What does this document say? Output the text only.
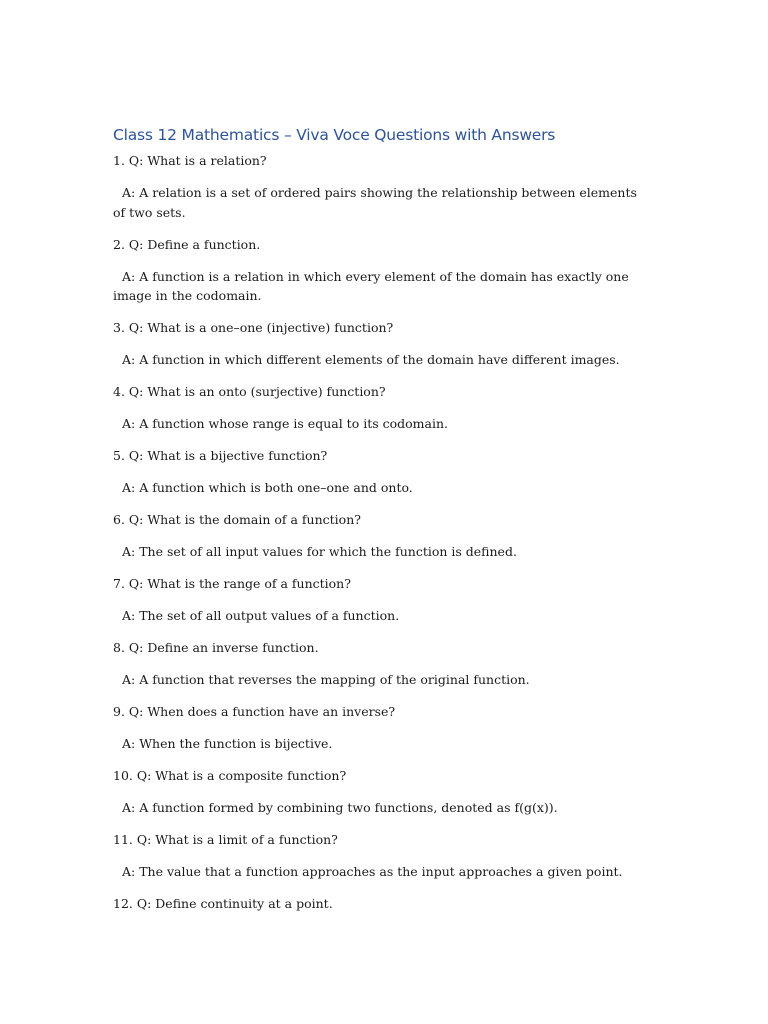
Class 12 Mathematics – Viva Voce Questions with Answers

1. Q: What is a relation?

A: A relation is a set of ordered pairs showing the relationship between elements of two sets.

2. Q: Define a function.

A: A function is a relation in which every element of the domain has exactly one image in the codomain.

3. Q: What is a one–one (injective) function?

A: A function in which different elements of the domain have different images.

4. Q: What is an onto (surjective) function?

A: A function whose range is equal to its codomain.

5. Q: What is a bijective function?

A: A function which is both one–one and onto.

6. Q: What is the domain of a function?

A: The set of all input values for which the function is defined.

7. Q: What is the range of a function?

A: The set of all output values of a function.

8. Q: Define an inverse function.

A: A function that reverses the mapping of the original function.

9. Q: When does a function have an inverse?

A: When the function is bijective.

10. Q: What is a composite function?

A: A function formed by combining two functions, denoted as f(g(x)).

11. Q: What is a limit of a function?

A: The value that a function approaches as the input approaches a given point.

12. Q: Define continuity at a point.
